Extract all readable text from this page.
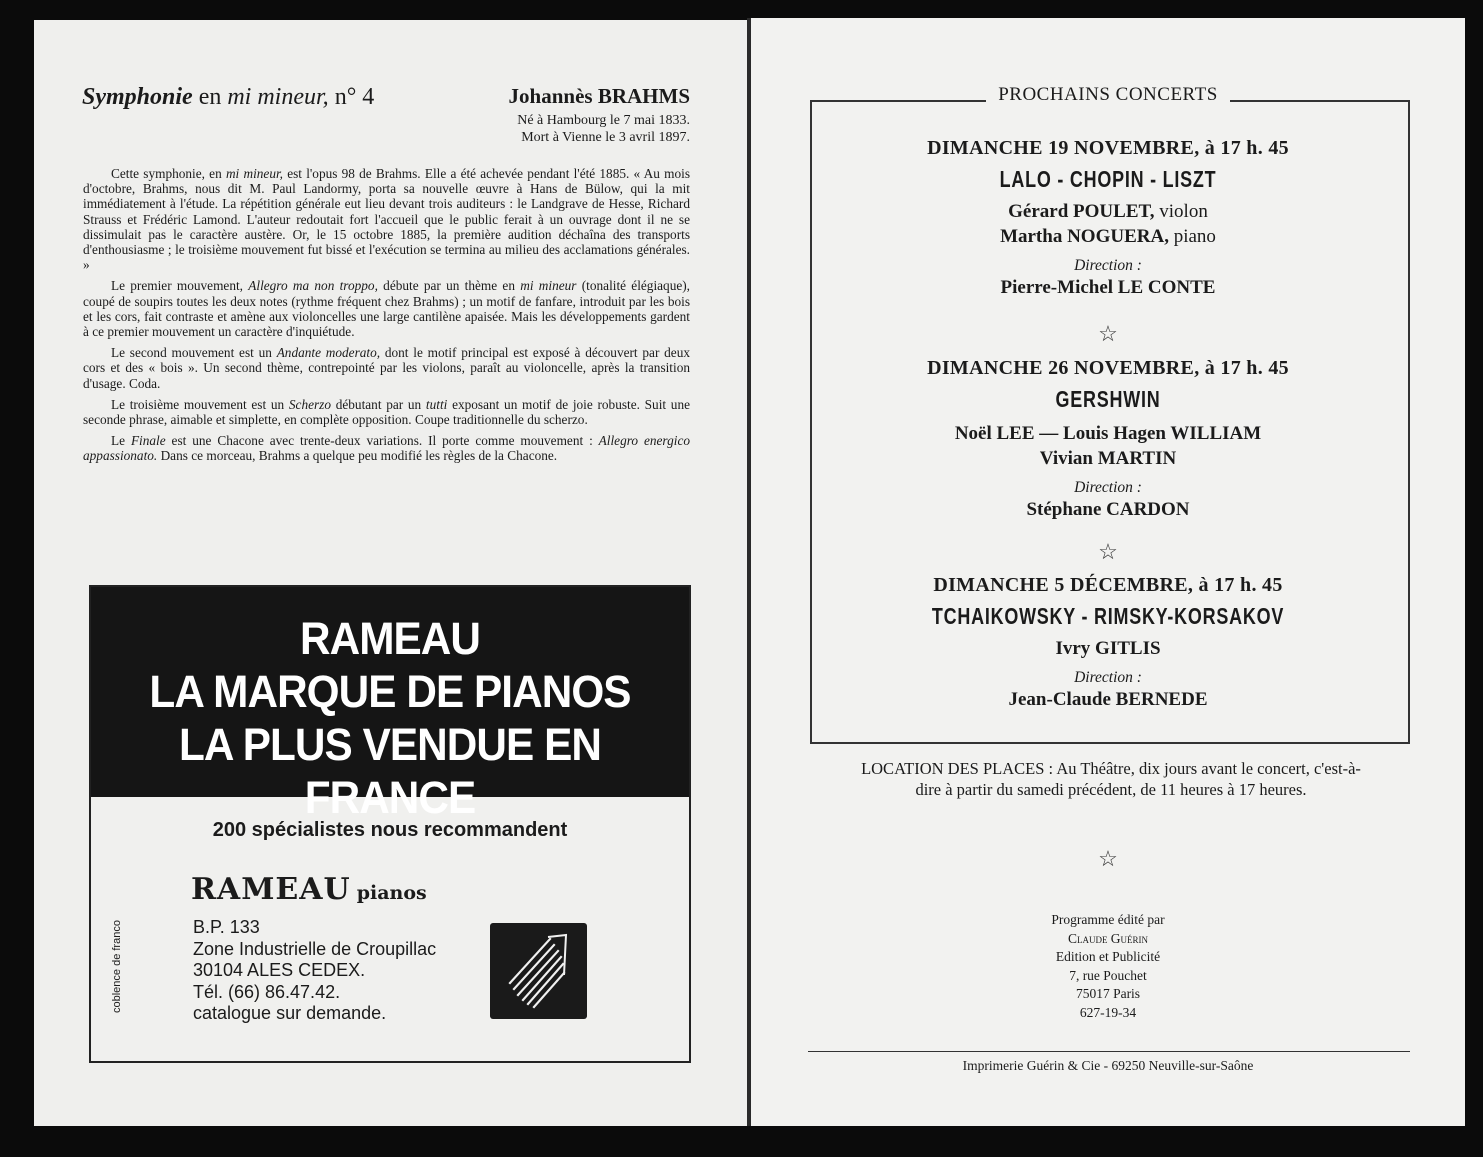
Symphonie en mi mineur, n° 4	Johannès BRAHMS
Né à Hambourg le 7 mai 1833.
Mort à Vienne le 3 avril 1897.

Cette symphonie, en mi mineur, est l'opus 98 de Brahms. Elle a été achevée pendant l'été 1885. « Au mois d'octobre, Brahms, nous dit M. Paul Landormy, porta sa nouvelle œuvre à Hans de Bülow, qui la mit immédiatement à l'étude. La répétition générale eut lieu devant trois auditeurs : le Landgrave de Hesse, Richard Strauss et Frédéric Lamond. L'auteur redoutait fort l'accueil que le public ferait à un ouvrage dont il ne se dissimulait pas le caractère austère. Or, le 15 octobre 1885, la première audition déchaîna des transports d'enthousiasme ; le troisième mouvement fut bissé et l'exécution se termina au milieu des acclamations générales. »

Le premier mouvement, Allegro ma non troppo, débute par un thème en mi mineur (tonalité élégiaque), coupé de soupirs toutes les deux notes (rythme fréquent chez Brahms) ; un motif de fanfare, introduit par les bois et les cors, fait contraste et amène aux violoncelles une large cantilène apaisée. Mais les développements gardent à ce premier mouvement un caractère d'inquiétude.

Le second mouvement est un Andante moderato, dont le motif principal est exposé à découvert par deux cors et des « bois ». Un second thème, contrepointé par les violons, paraît au violoncelle, après la transition d'usage. Coda.

Le troisième mouvement est un Scherzo débutant par un tutti exposant un motif de joie robuste. Suit une seconde phrase, aimable et simplette, en complète opposition. Coupe traditionnelle du scherzo.

Le Finale est une Chacone avec trente-deux variations. Il porte comme mouvement : Allegro energico appassionato. Dans ce morceau, Brahms a quelque peu modifié les règles de la Chacone.

RAMEAU
LA MARQUE DE PIANOS
LA PLUS VENDUE EN FRANCE
200 spécialistes nous recommandent
RAMEAU pianos
B.P. 133
Zone Industrielle de Croupillac
30104 ALES CEDEX.
Tél. (66) 86.47.42.
catalogue sur demande.
coblence de franco
PROCHAINS CONCERTS
DIMANCHE 19 NOVEMBRE, à 17 h. 45
LALO - CHOPIN - LISZT
Gérard POULET, violon
Martha NOGUERA, piano
Direction :
Pierre-Michel LE CONTE
☆
DIMANCHE 26 NOVEMBRE, à 17 h. 45
GERSHWIN
Noël LEE — Louis Hagen WILLIAM
Vivian MARTIN
Direction :
Stéphane CARDON
☆
DIMANCHE 5 DÉCEMBRE, à 17 h. 45
TCHAIKOWSKY - RIMSKY-KORSAKOV
Ivry GITLIS
Direction :
Jean-Claude BERNEDE
LOCATION DES PLACES : Au Théâtre, dix jours avant le concert, c'est-à-dire à partir du samedi précédent, de 11 heures à 17 heures.
☆
Programme édité par
Claude Guérin
Edition et Publicité
7, rue Pouchet
75017 Paris
627-19-34
Imprimerie Guérin & Cie - 69250 Neuville-sur-Saône
